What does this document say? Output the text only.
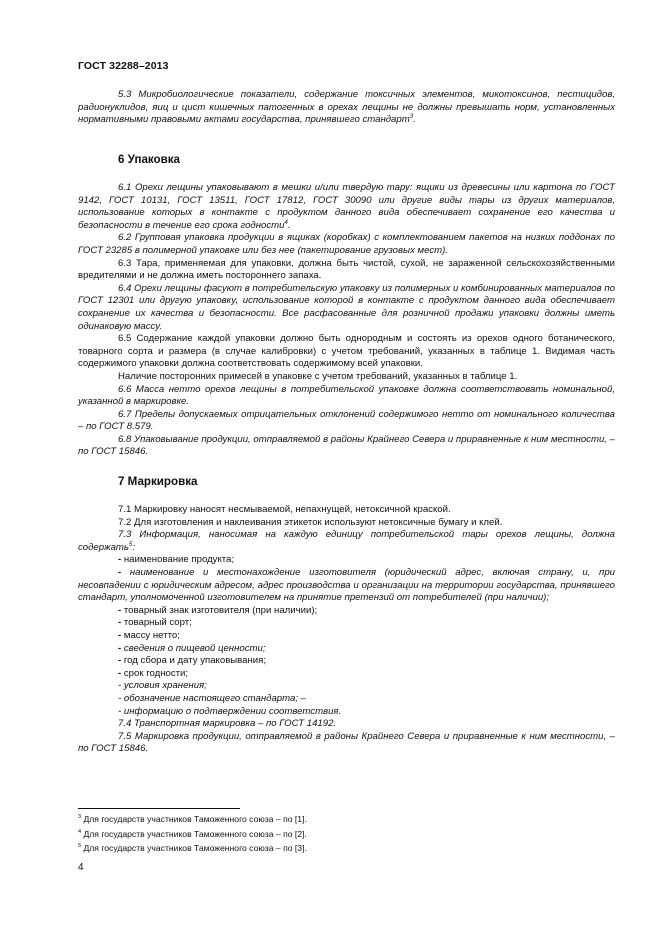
ГОСТ 32288–2013

5.3 Микробиологические показатели, содержание токсичных элементов, микотоксинов, пестицидов, радионуклидов, яиц и цист кишечных патогенных в орехах лещины не должны превышать норм, установленных нормативными правовыми актами государства, принявшего стандарт$^3$.

6 Упаковка

6.1 Орехи лещины упаковывают в мешки и/или твердую тару: ящики из древесины или картона по ГОСТ 9142, ГОСТ 10131, ГОСТ 13511, ГОСТ 17812, ГОСТ 30090 или другие виды тары из других материалов, использование которых в контакте с продуктом данного вида обеспечивает сохранение его качества и безопасности в течение его срока годности$^4$.

6.2 Групповая упаковка продукции в ящиках (коробках) с комплектованием пакетов на низких поддонах по ГОСТ 23285 в полимерной упаковке или без нее (пакетирование грузовых мест).

6.3 Тара, применяемая для упаковки, должна быть чистой, сухой, не зараженной сельскохозяйственными вредителями и не должна иметь постороннего запаха.

6.4 Орехи лещины фасуют в потребительскую упаковку из полимерных и комбинированных материалов по ГОСТ 12301 или другую упаковку, использование которой в контакте с продуктом данного вида обеспечивает сохранение их качества и безопасности. Все расфасованные для розничной продажи упаковки должны иметь одинаковую массу.

6.5 Содержание каждой упаковки должно быть однородным и состоять из орехов одного ботанического, товарного сорта и размера (в случае калибровки) с учетом требований, указанных в таблице 1. Видимая часть содержимого упаковки должна соответствовать содержимому всей упаковки.

Наличие посторонних примесей в упаковке с учетом требований, указанных в таблице 1.

6.6 Масса нетто орехов лещины в потребительской упаковке должна соответствовать номинальной, указанной в маркировке.

6.7 Пределы допускаемых отрицательных отклонений содержимого нетто от номинального количества – по ГОСТ 8.579.

6.8 Упаковывание продукции, отправляемой в районы Крайнего Севера и приравненные к ним местности, – по ГОСТ 15846.

7 Маркировка

7.1 Маркировку наносят несмываемой, непахнущей, нетоксичной краской.

7.2 Для изготовления и наклеивания этикеток используют нетоксичные бумагу и клей.

7.3 Информация, наносимая на каждую единицу потребительской тары орехов лещины, должна содержать$^5$:

- наименование продукта;

- наименование и местонахождение изготовителя (юридический адрес, включая страну, и, при несовпадении с юридическим адресом, адрес производства и организации на территории государства, принявшего стандарт, уполномоченной изготовителем на принятие претензий от потребителей (при наличии);

- товарный знак изготовителя (при наличии);

- товарный сорт;

- массу нетто;

- сведения о пищевой ценности;

- год сбора и дату упаковывания;

- срок годности;

- условия хранения;

- обозначение настоящего стандарта; –

- информацию о подтверждении соответствия.

7.4 Транспортная маркировка – по ГОСТ 14192.

7.5 Маркировка продукции, отправляемой в районы Крайнего Севера и приравненные к ним местности, – по ГОСТ 15846.

$^3$ Для государств участников Таможенного союза – по [1].
$^4$ Для государств участников Таможенного союза – по [2].
$^5$ Для государств участников Таможенного союза – по [3].
4
